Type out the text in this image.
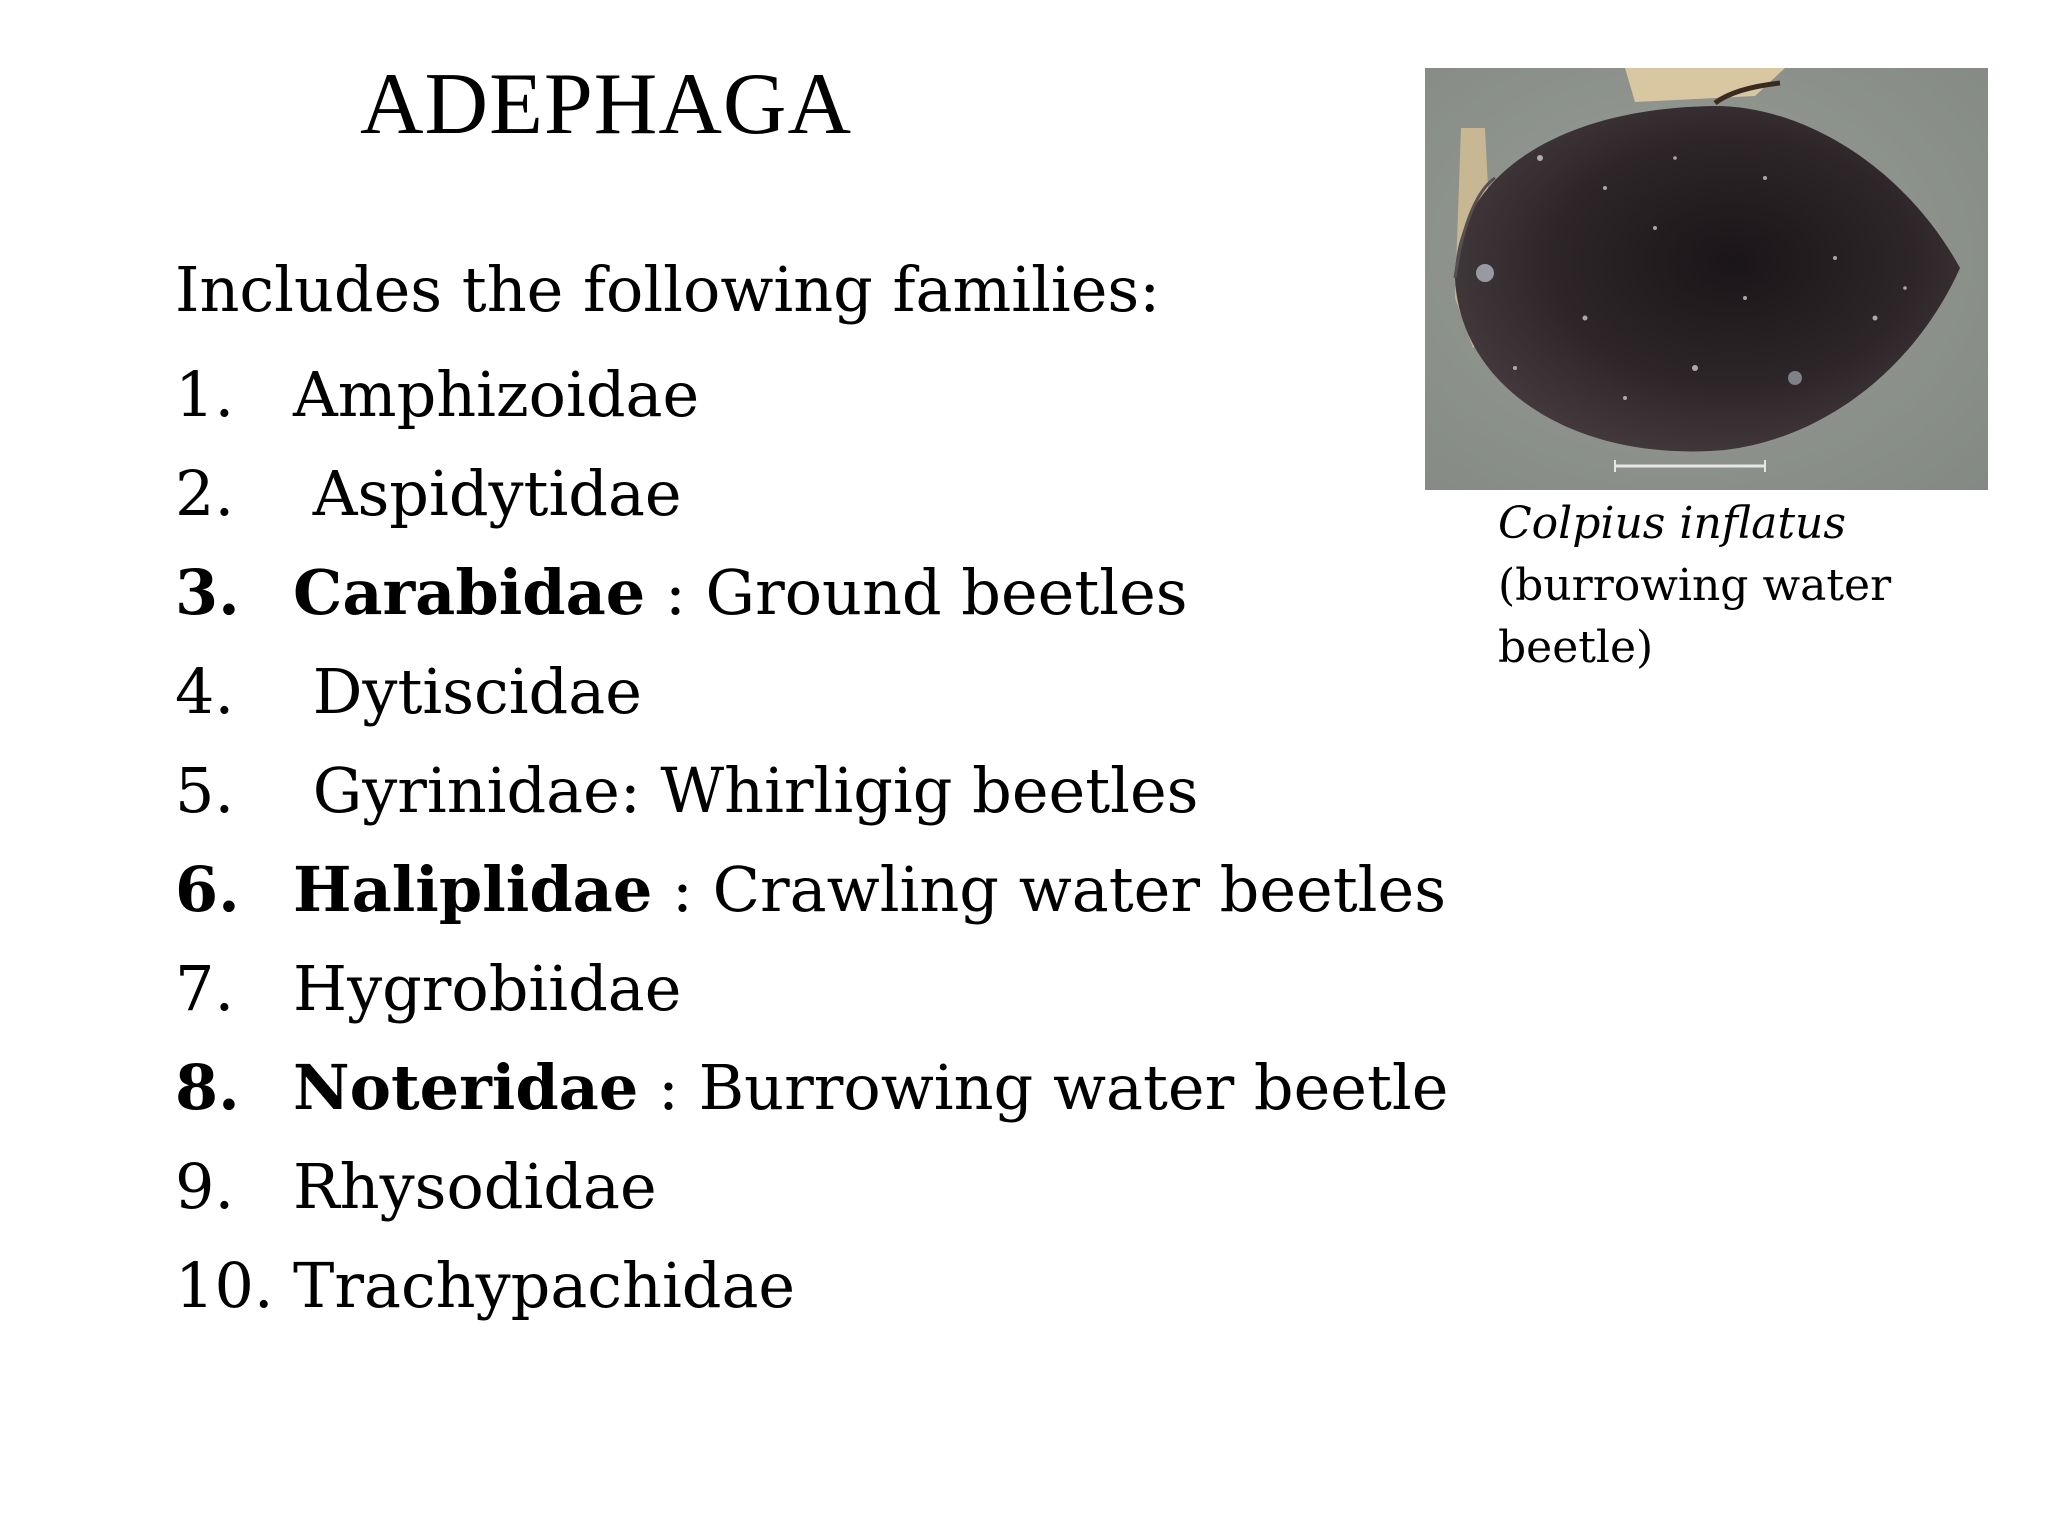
ADEPHAGA
Includes the following families:
1. Amphizoidae
2. Aspidytidae
3. Carabidae : Ground beetles
4. Dytiscidae
5. Gyrinidae: Whirligig beetles
6. Haliplidae : Crawling water beetles
7. Hygrobiidae
8. Noteridae : Burrowing water beetle
9. Rhysodidae
10. Trachypachidae
Colpius inflatus
(burrowing water
beetle)
